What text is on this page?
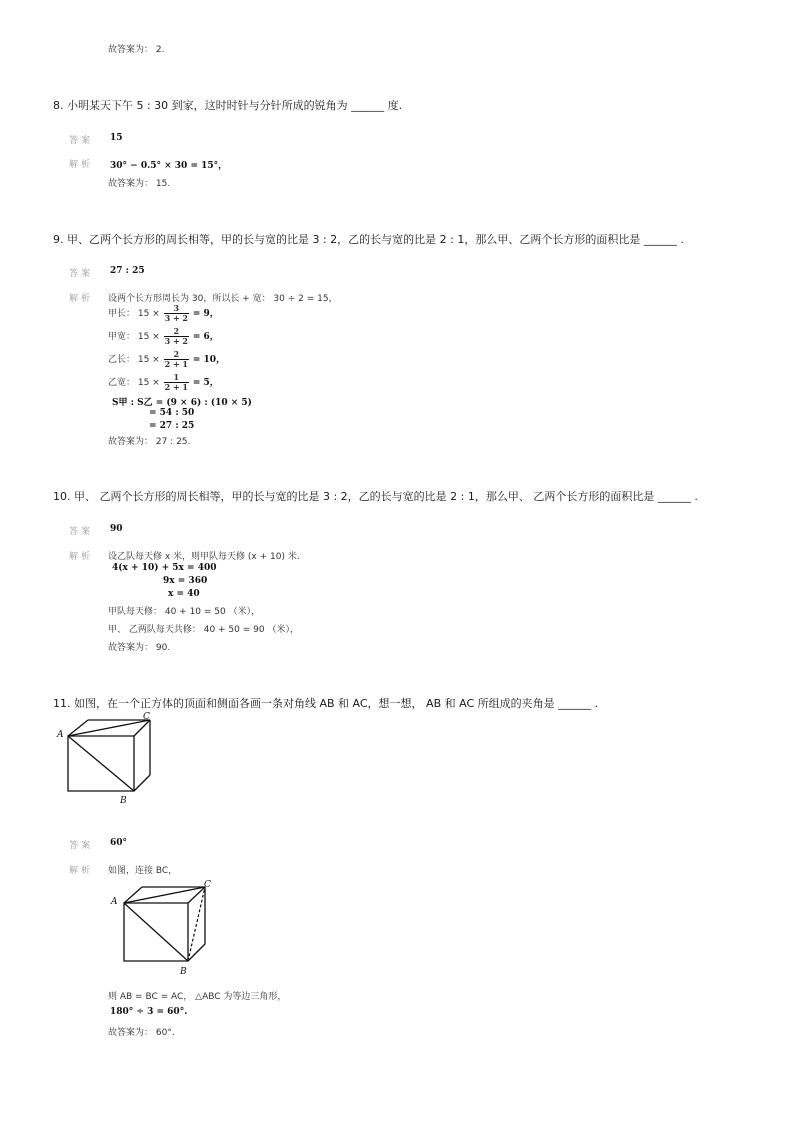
故答案为： 2.
8. 小明某天下午 5 : 30 到家，这时时针与分针所成的锐角为 ______ 度.
答案 15
解析 30° − 0.5° × 30 = 15°，
故答案为： 15.
9. 甲、乙两个长方形的周长相等，甲的长与宽的比是 3 : 2，乙的长与宽的比是 2 : 1，那么甲、乙两个长方形的面积比是 ______ .
答案 27 : 25
解析 设两个长方形周长为 30，所以长 + 宽： 30 ÷ 2 = 15，
甲长： $15 \times \frac{3}{3 + 2} = 9$，
甲宽： $15 \times \frac{2}{3 + 2} = 6$，
乙长： $15 \times \frac{2}{2 + 1} = 10$，
乙宽： $15 \times \frac{1}{2 + 1} = 5$，
S甲 : S乙 = (9 × 6) : (10 × 5)
= 54 : 50
= 27 : 25
故答案为： 27 : 25.
10. 甲、 乙两个长方形的周长相等，甲的长与宽的比是 3 : 2，乙的长与宽的比是 2 : 1，那么甲、 乙两个长方形的面积比是 ______ .
答案 90
解析 设乙队每天修 x 米，则甲队每天修 (x + 10) 米.
4(x + 10) + 5x = 400
9x = 360
x = 40
甲队每天修： 40 + 10 = 50 （米），
甲、 乙两队每天共修： 40 + 50 = 90 （米），
故答案为： 90.
11. 如图，在一个正方体的顶面和侧面各画一条对角线 AB 和 AC，想一想， AB 和 AC 所组成的夹角是 ______ .
A
C
B
答案 60°
解析 如图，连接 BC，
A
C
B
则 AB = BC = AC， △ABC 为等边三角形，
180° ÷ 3 = 60°.
故答案为： 60°.
